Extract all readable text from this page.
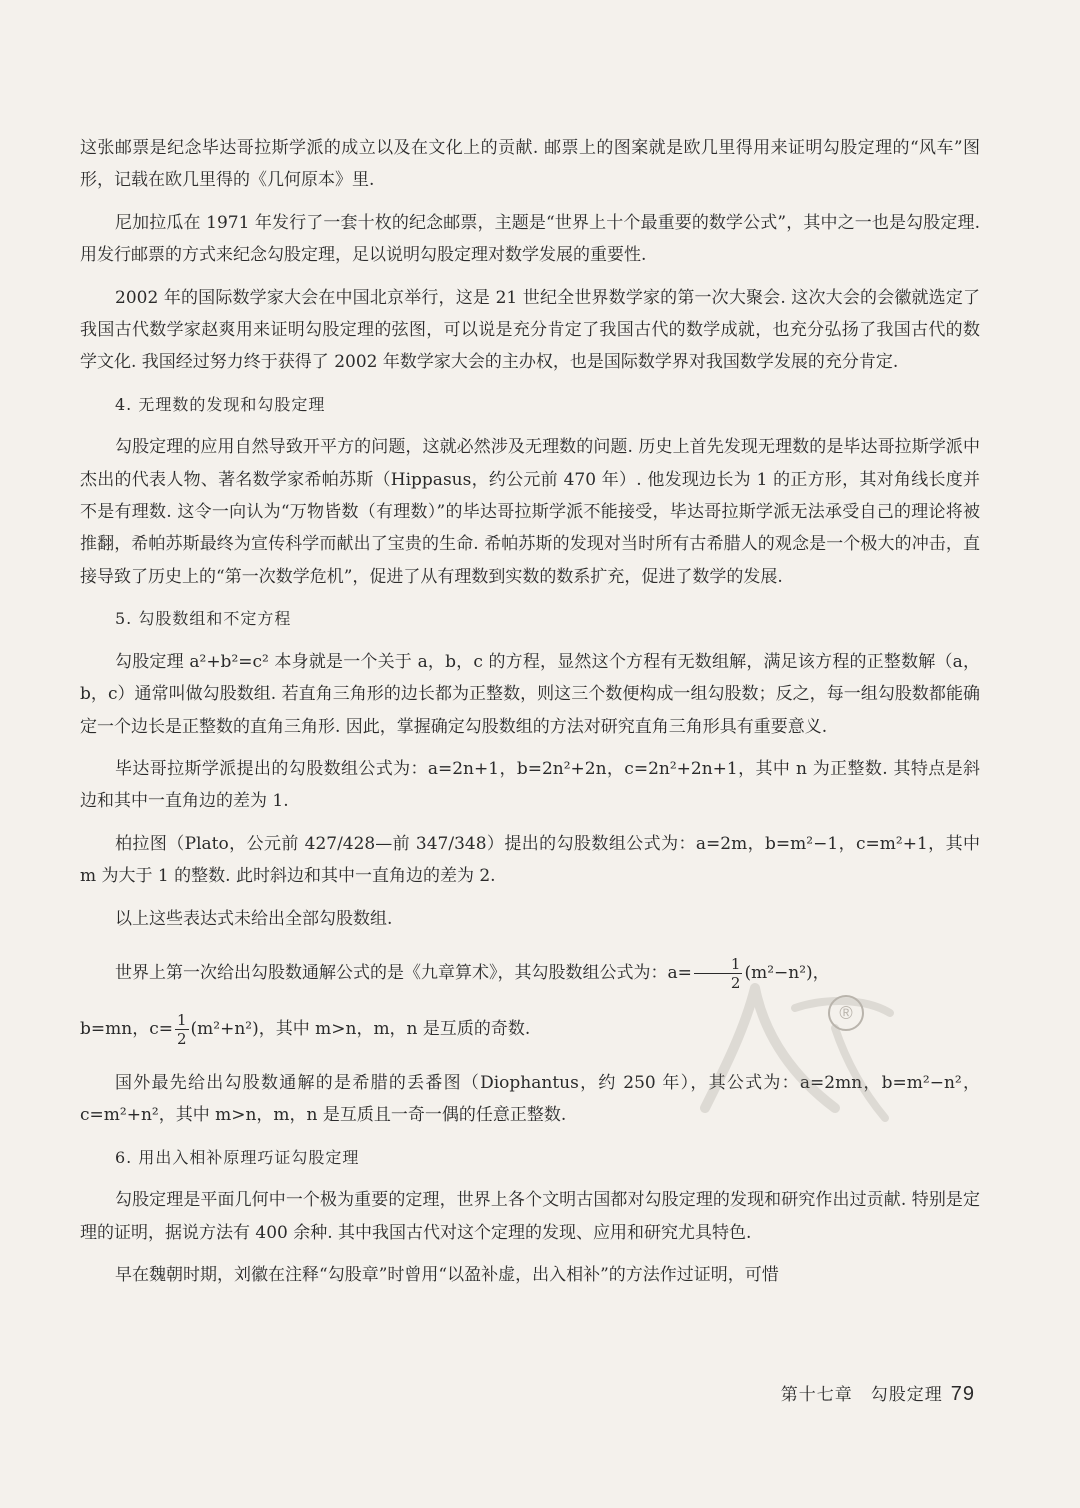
这张邮票是纪念毕达哥拉斯学派的成立以及在文化上的贡献. 邮票上的图案就是欧几里得用来证明勾股定理的“风车”图形，记载在欧几里得的《几何原本》里.

尼加拉瓜在 1971 年发行了一套十枚的纪念邮票，主题是“世界上十个最重要的数学公式”，其中之一也是勾股定理. 用发行邮票的方式来纪念勾股定理，足以说明勾股定理对数学发展的重要性.

2002 年的国际数学家大会在中国北京举行，这是 21 世纪全世界数学家的第一次大聚会. 这次大会的会徽就选定了我国古代数学家赵爽用来证明勾股定理的弦图，可以说是充分肯定了我国古代的数学成就，也充分弘扬了我国古代的数学文化. 我国经过努力终于获得了 2002 年数学家大会的主办权，也是国际数学界对我国数学发展的充分肯定.

4. 无理数的发现和勾股定理

勾股定理的应用自然导致开平方的问题，这就必然涉及无理数的问题. 历史上首先发现无理数的是毕达哥拉斯学派中杰出的代表人物、著名数学家希帕苏斯（Hippasus，约公元前 470 年）. 他发现边长为 1 的正方形，其对角线长度并不是有理数. 这令一向认为“万物皆数（有理数）”的毕达哥拉斯学派不能接受，毕达哥拉斯学派无法承受自己的理论将被推翻，希帕苏斯最终为宣传科学而献出了宝贵的生命. 希帕苏斯的发现对当时所有古希腊人的观念是一个极大的冲击，直接导致了历史上的“第一次数学危机”，促进了从有理数到实数的数系扩充，促进了数学的发展.

5. 勾股数组和不定方程

勾股定理 a²+b²=c² 本身就是一个关于 a，b，c 的方程，显然这个方程有无数组解，满足该方程的正整数解（a，b，c）通常叫做勾股数组. 若直角三角形的边长都为正整数，则这三个数便构成一组勾股数；反之，每一组勾股数都能确定一个边长是正整数的直角三角形. 因此，掌握确定勾股数组的方法对研究直角三角形具有重要意义.

毕达哥拉斯学派提出的勾股数组公式为：a=2n+1，b=2n²+2n，c=2n²+2n+1，其中 n 为正整数. 其特点是斜边和其中一直角边的差为 1.

柏拉图（Plato，公元前 427/428—前 347/348）提出的勾股数组公式为：a=2m，b=m²−1，c=m²+1，其中 m 为大于 1 的整数. 此时斜边和其中一直角边的差为 2.

以上这些表达式未给出全部勾股数组.

世界上第一次给出勾股数通解公式的是《九章算术》，其勾股数组公式为：$a= \frac{1}{2} (m^2-n^2)$，

b=mn，$c= \frac{1}{2} (m^2+n^2)$，其中 m>n，m，n 是互质的奇数.

国外最先给出勾股数通解的是希腊的丢番图（Diophantus，约 250 年），其公式为：a=2mn，b=m²−n²，c=m²+n²，其中 m>n，m，n 是互质且一奇一偶的任意正整数.

6. 用出入相补原理巧证勾股定理

勾股定理是平面几何中一个极为重要的定理，世界上各个文明古国都对勾股定理的发现和研究作出过贡献. 特别是定理的证明，据说方法有 400 余种. 其中我国古代对这个定理的发现、应用和研究尤具特色.

早在魏朝时期，刘徽在注释“勾股章”时曾用“以盈补虚，出入相补”的方法作过证明，可惜

®
第十七章　勾股定理 79
